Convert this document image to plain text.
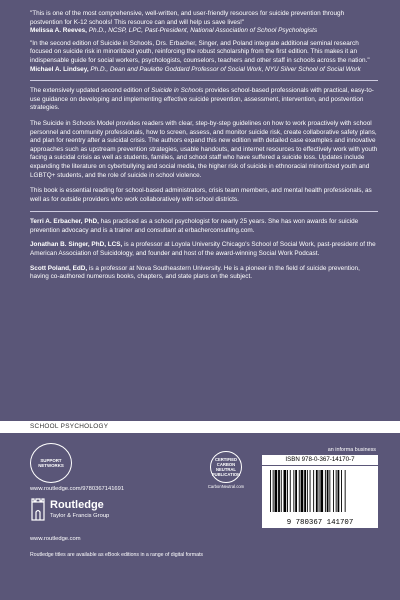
"This is one of the most comprehensive, well-written, and user-friendly resources for suicide prevention through postvention for K-12 schools! This resource can and will help us save lives!"
Melissa A. Reeves, Ph.D., NCSP, LPC, Past-President, National Association of School Psychologists
"In the second edition of Suicide in Schools, Drs. Erbacher, Singer, and Poland integrate additional seminal research focused on suicide risk in minoritized youth, reinforcing the robust scholarship from the first edition. This makes it an indispensable guide for social workers, psychologists, counselors, teachers and other staff in schools across the nation."
Michael A. Lindsey, Ph.D., Dean and Paulette Goddard Professor of Social Work, NYU Silver School of Social Work

The extensively updated second edition of Suicide in Schools provides school-based professionals with practical, easy-to-use guidance on developing and implementing effective suicide prevention, assessment, intervention, and postvention strategies.

The Suicide in Schools Model provides readers with clear, step-by-step guidelines on how to work proactively with school personnel and community professionals, how to screen, assess, and monitor suicide risk, create collaborative safety plans, and plan for reentry after a suicidal crisis. The authors expand this new edition with detailed case examples and innovative approaches such as upstream prevention strategies, usable handouts, and internet resources to effectively work with youth facing a suicidal crisis as well as students, families, and school staff who have suffered a suicide loss. Updates include expanding the literature on cyberbullying and social media, the higher risk of suicide in ethnoracial minoritized youth and LGBTQ+ students, and the role of suicide in school violence.

This book is essential reading for school-based administrators, crisis team members, and mental health professionals, as well as for outside providers who work collaboratively with school districts.

Terri A. Erbacher, PhD, has practiced as a school psychologist for nearly 25 years. She has won awards for suicide prevention advocacy and is a trainer and consultant at erbacherconsulting.com.

Jonathan B. Singer, PhD, LCS, is a professor at Loyola University Chicago's School of Social Work, past-president of the American Association of Suicidology, and founder and host of the award-winning Social Work Podcast.

Scott Poland, EdD, is a professor at Nova Southeastern University. He is a pioneer in the field of suicide prevention, having co-authored numerous books, chapters, and state plans on the subject.

SCHOOL PSYCHOLOGY
SUPPORT NETWORKS
www.routledge.com/9780367141691
Routledge
Taylor & Francis Group
www.routledge.com
Routledge titles are available as eBook editions in a range of digital formats
CERTIFIED CARBON NEUTRAL PUBLICATION
CarbonNeutral.com
an informa business
ISBN 978-0-367-14170-7
9 780367 141707
